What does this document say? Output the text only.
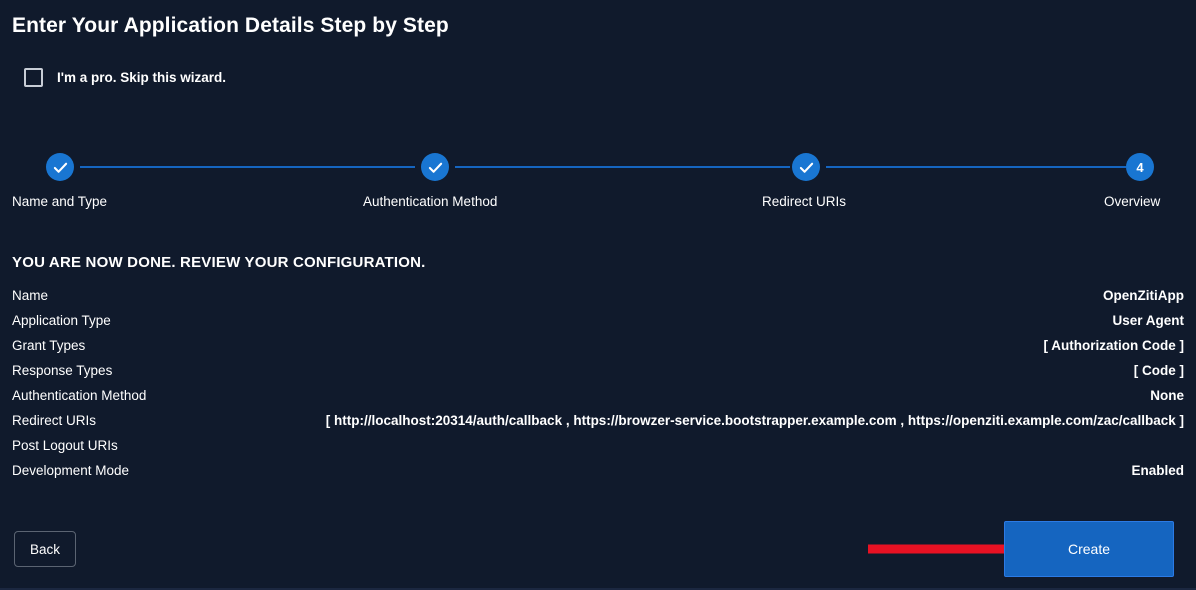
Enter Your Application Details Step by Step
I'm a pro. Skip this wizard.
4
Name and Type	Authentication Method	Redirect URIs	Overview
YOU ARE NOW DONE. REVIEW YOUR CONFIGURATION.
Name	OpenZitiApp
Application Type	User Agent
Grant Types	[ Authorization Code ]
Response Types	[ Code ]
Authentication Method	None
Redirect URIs	[ http://localhost:20314/auth/callback , https://browzer-service.bootstrapper.example.com , https://openziti.example.com/zac/callback ]
Post Logout URIs
Development Mode	Enabled
Back	Create
